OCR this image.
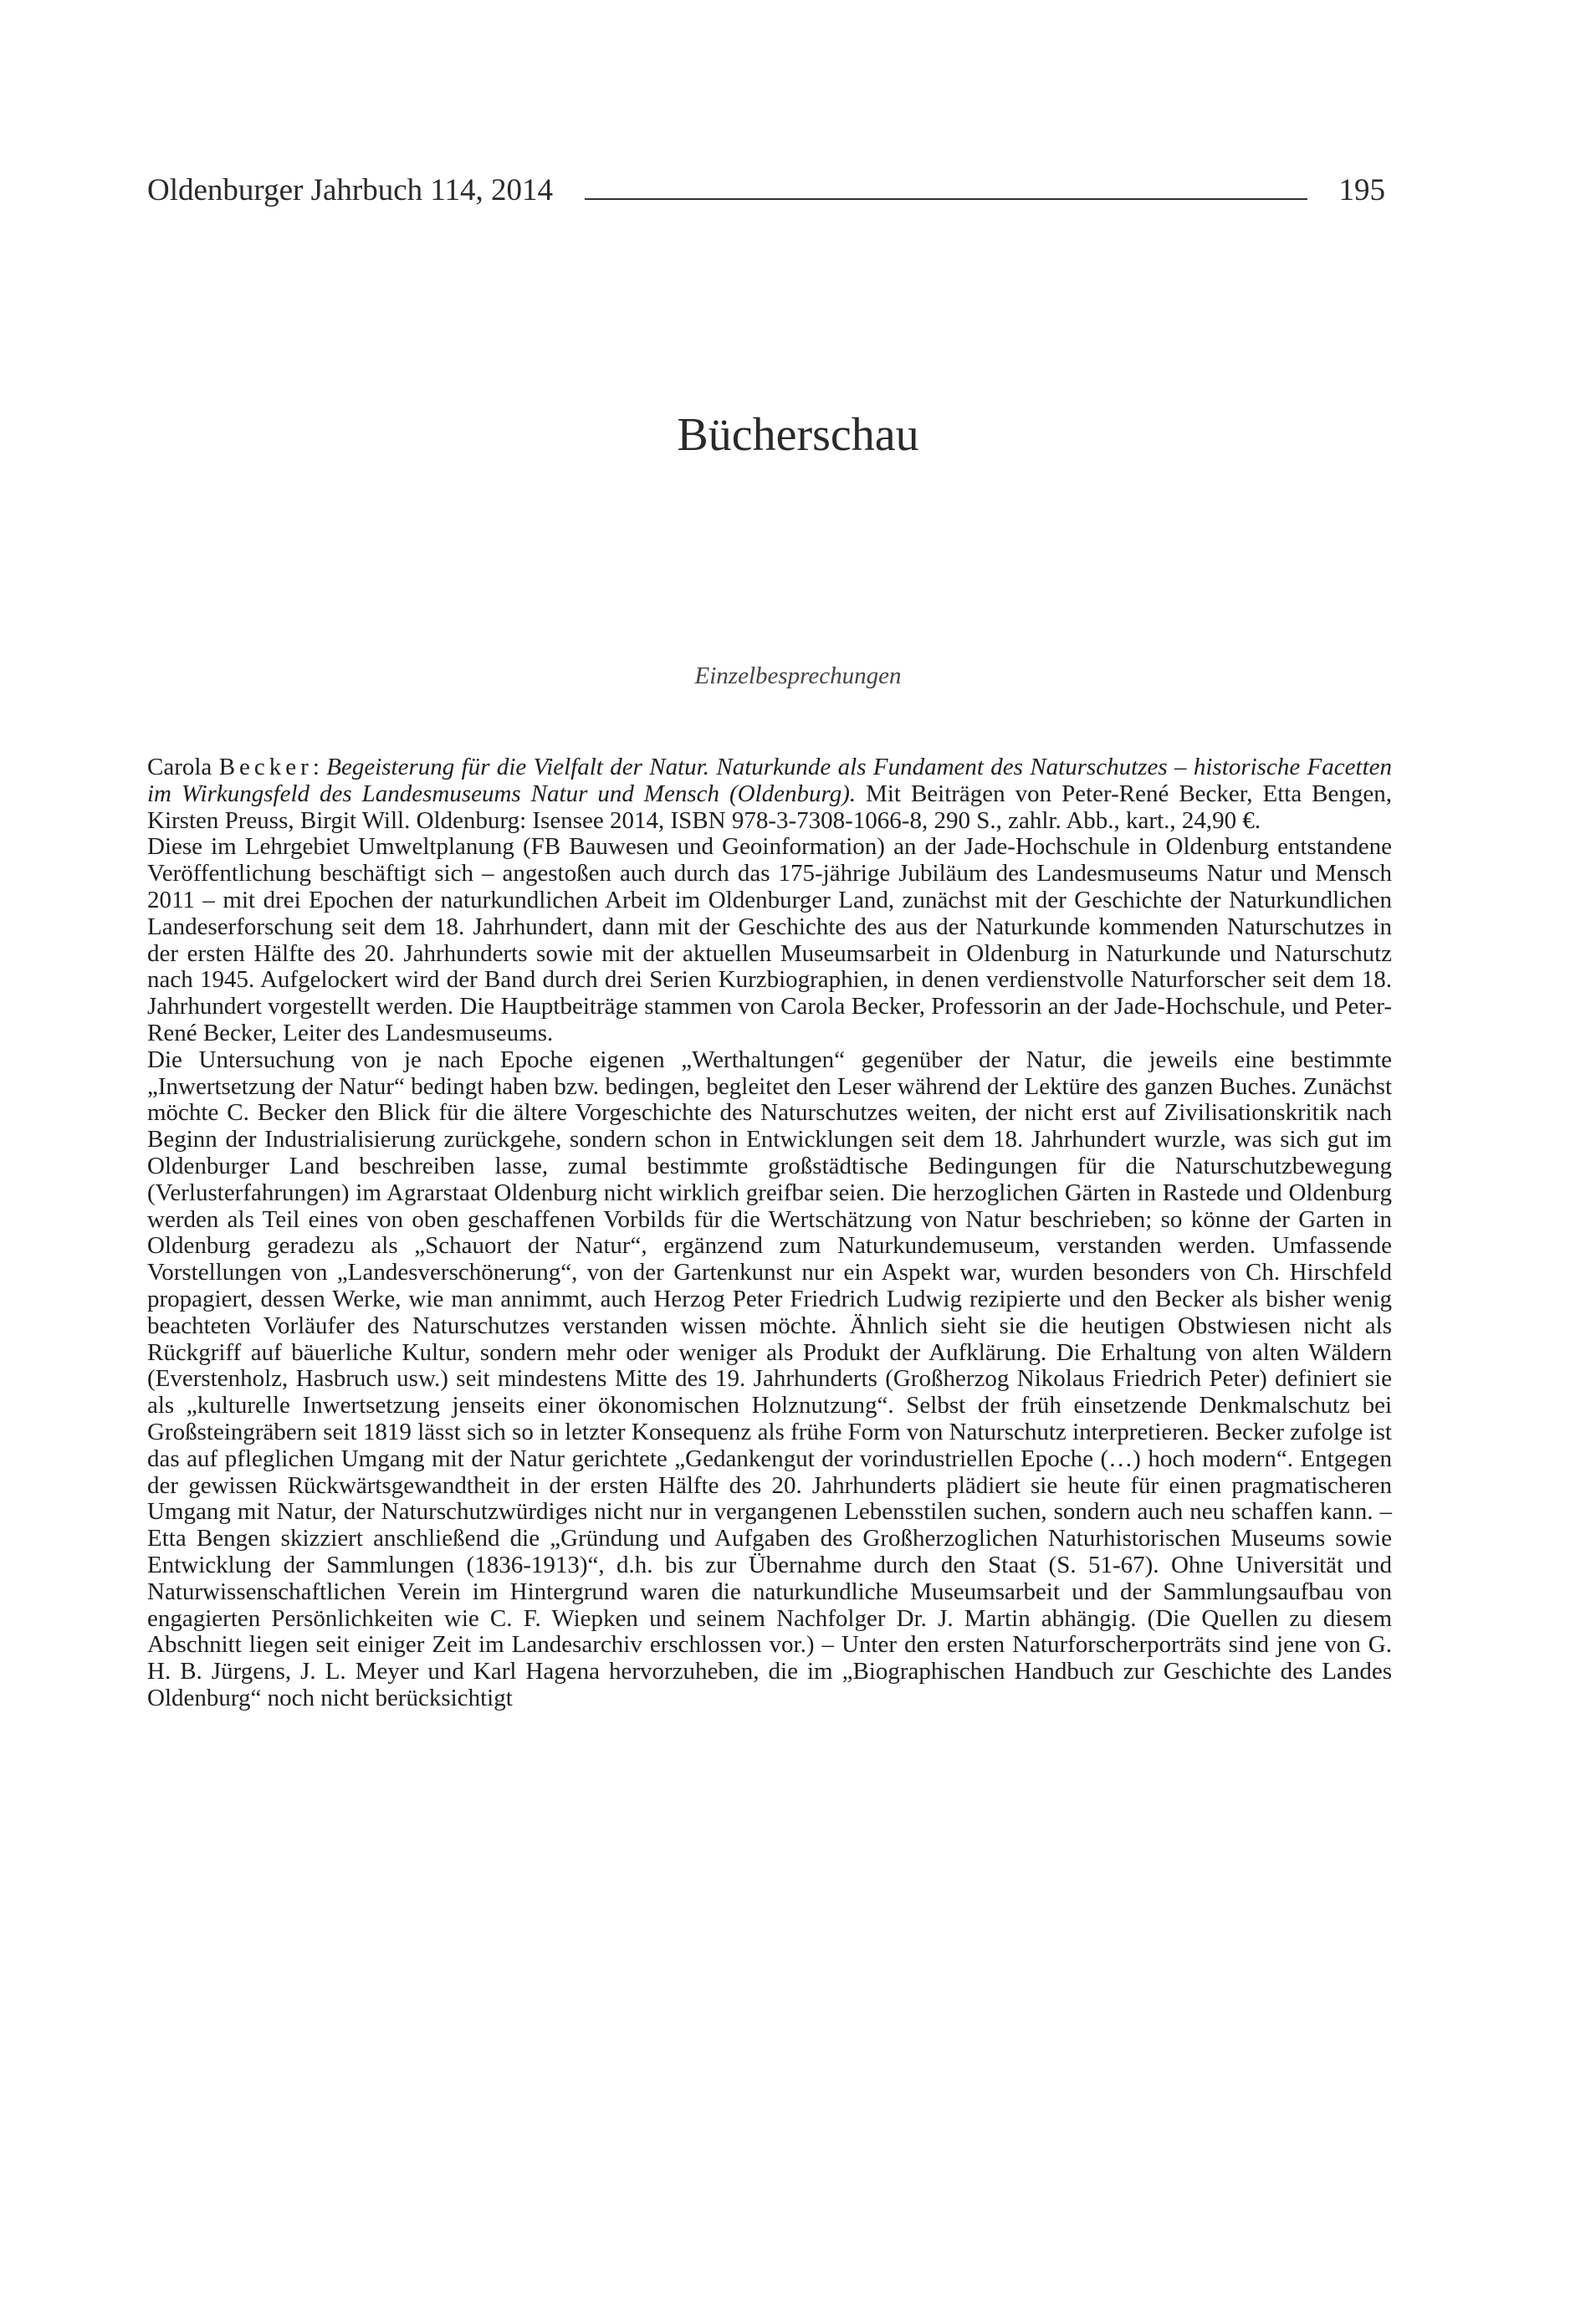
Oldenburger Jahrbuch 114, 2014	195
Bücherschau
Einzelbesprechungen

Carola Becker: Begeisterung für die Vielfalt der Natur. Naturkunde als Fundament des Naturschutzes – historische Facetten im Wirkungsfeld des Landesmuseums Natur und Mensch (Oldenburg). Mit Beiträgen von Peter-René Becker, Etta Bengen, Kirsten Preuss, Birgit Will. Oldenburg: Isensee 2014, ISBN 978-3-7308-1066-8, 290 S., zahlr. Abb., kart., 24,90 €.

Diese im Lehrgebiet Umweltplanung (FB Bauwesen und Geoinformation) an der Jade-Hochschule in Oldenburg entstandene Veröffentlichung beschäftigt sich – angestoßen auch durch das 175-jährige Jubiläum des Landesmuseums Natur und Mensch 2011 – mit drei Epochen der naturkundlichen Arbeit im Oldenburger Land, zunächst mit der Geschichte der Naturkundlichen Landeserforschung seit dem 18. Jahrhundert, dann mit der Geschichte des aus der Naturkunde kommenden Naturschutzes in der ersten Hälfte des 20. Jahrhunderts sowie mit der aktuellen Museumsarbeit in Oldenburg in Naturkunde und Naturschutz nach 1945. Aufgelockert wird der Band durch drei Serien Kurzbiographien, in denen verdienstvolle Naturforscher seit dem 18. Jahrhundert vorgestellt werden. Die Hauptbeiträge stammen von Carola Becker, Professorin an der Jade-Hochschule, und Peter-René Becker, Leiter des Landesmuseums.

Die Untersuchung von je nach Epoche eigenen „Werthaltungen“ gegenüber der Natur, die jeweils eine bestimmte „Inwertsetzung der Natur“ bedingt haben bzw. bedingen, begleitet den Leser während der Lektüre des ganzen Buches. Zunächst möchte C. Becker den Blick für die ältere Vorgeschichte des Naturschutzes weiten, der nicht erst auf Zivilisationskritik nach Beginn der Industrialisierung zurückgehe, sondern schon in Entwicklungen seit dem 18. Jahrhundert wurzle, was sich gut im Oldenburger Land beschreiben lasse, zumal bestimmte großstädtische Bedingungen für die Naturschutzbewegung (Verlusterfahrungen) im Agrarstaat Oldenburg nicht wirklich greifbar seien. Die herzoglichen Gärten in Rastede und Oldenburg werden als Teil eines von oben geschaffenen Vorbilds für die Wertschätzung von Natur beschrieben; so könne der Garten in Oldenburg geradezu als „Schauort der Natur“, ergänzend zum Naturkundemuseum, verstanden werden. Umfassende Vorstellungen von „Landesverschönerung“, von der Gartenkunst nur ein Aspekt war, wurden besonders von Ch. Hirschfeld propagiert, dessen Werke, wie man annimmt, auch Herzog Peter Friedrich Ludwig rezipierte und den Becker als bisher wenig beachteten Vorläufer des Naturschutzes verstanden wissen möchte. Ähnlich sieht sie die heutigen Obstwiesen nicht als Rückgriff auf bäuerliche Kultur, sondern mehr oder weniger als Produkt der Aufklärung. Die Erhaltung von alten Wäldern (Everstenholz, Hasbruch usw.) seit mindestens Mitte des 19. Jahrhunderts (Großherzog Nikolaus Friedrich Peter) definiert sie als „kulturelle Inwertsetzung jenseits einer ökonomischen Holznutzung“. Selbst der früh einsetzende Denkmalschutz bei Großsteingräbern seit 1819 lässt sich so in letzter Konsequenz als frühe Form von Naturschutz interpretieren. Becker zufolge ist das auf pfleglichen Umgang mit der Natur gerichtete „Gedankengut der vorindustriellen Epoche (…) hoch modern“. Entgegen der gewissen Rückwärtsgewandtheit in der ersten Hälfte des 20. Jahrhunderts plädiert sie heute für einen pragmatischeren Umgang mit Natur, der Naturschutzwürdiges nicht nur in vergangenen Lebensstilen suchen, sondern auch neu schaffen kann. – Etta Bengen skizziert anschließend die „Gründung und Aufgaben des Großherzoglichen Naturhistorischen Museums sowie Entwicklung der Sammlungen (1836-1913)“, d.h. bis zur Übernahme durch den Staat (S. 51-67). Ohne Universität und Naturwissenschaftlichen Verein im Hintergrund waren die naturkundliche Museumsarbeit und der Sammlungsaufbau von engagierten Persönlichkeiten wie C. F. Wiepken und seinem Nachfolger Dr. J. Martin abhängig. (Die Quellen zu diesem Abschnitt liegen seit einiger Zeit im Landesarchiv erschlossen vor.) – Unter den ersten Naturforscherporträts sind jene von G. H. B. Jürgens, J. L. Meyer und Karl Hagena hervorzuheben, die im „Biographischen Handbuch zur Geschichte des Landes Oldenburg“ noch nicht berücksichtigt
